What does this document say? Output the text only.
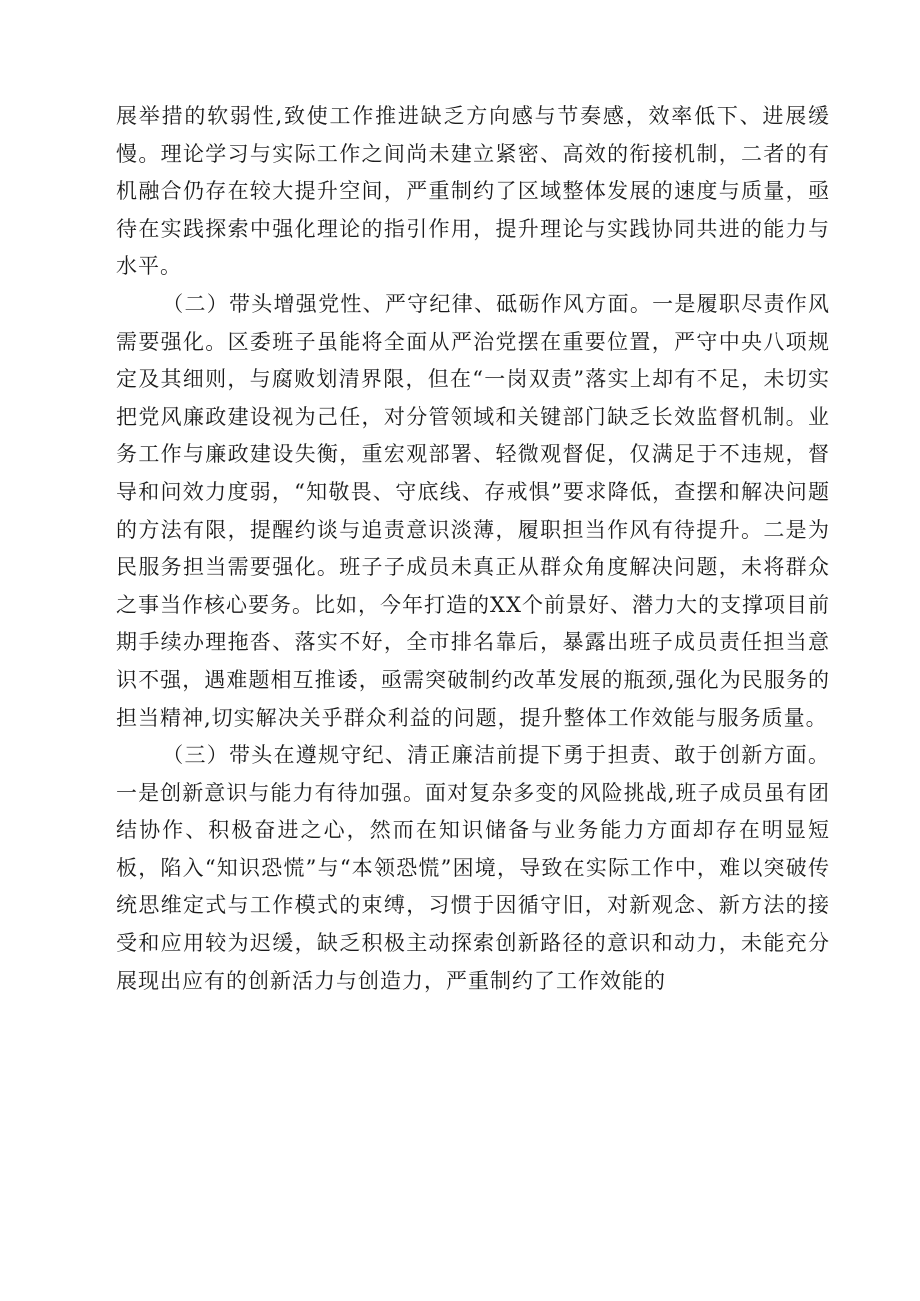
展举措的软弱性,致使工作推进缺乏方向感与节奏感，效率低下、进展缓慢。理论学习与实际工作之间尚未建立紧密、高效的衔接机制，二者的有机融合仍存在较大提升空间，严重制约了区域整体发展的速度与质量，亟待在实践探索中强化理论的指引作用，提升理论与实践协同共进的能力与水平。

（二）带头增强党性、严守纪律、砥砺作风方面。一是履职尽责作风需要强化。区委班子虽能将全面从严治党摆在重要位置，严守中央八项规定及其细则，与腐败划清界限，但在“一岗双责”落实上却有不足，未切实把党风廉政建设视为己任，对分管领域和关键部门缺乏长效监督机制。业务工作与廉政建设失衡，重宏观部署、轻微观督促，仅满足于不违规，督导和问效力度弱，“知敬畏、守底线、存戒惧”要求降低，查摆和解决问题的方法有限，提醒约谈与追责意识淡薄，履职担当作风有待提升。二是为民服务担当需要强化。班子子成员未真正从群众角度解决问题，未将群众之事当作核心要务。比如，今年打造的XX个前景好、潜力大的支撑项目前期手续办理拖沓、落实不好，全市排名靠后，暴露出班子成员责任担当意识不强，遇难题相互推诿，亟需突破制约改革发展的瓶颈,强化为民服务的担当精神,切实解决关乎群众利益的问题，提升整体工作效能与服务质量。

（三）带头在遵规守纪、清正廉洁前提下勇于担责、敢于创新方面。一是创新意识与能力有待加强。面对复杂多变的风险挑战,班子成员虽有团结协作、积极奋进之心，然而在知识储备与业务能力方面却存在明显短板，陷入“知识恐慌”与“本领恐慌”困境，导致在实际工作中，难以突破传统思维定式与工作模式的束缚，习惯于因循守旧，对新观念、新方法的接受和应用较为迟缓，缺乏积极主动探索创新路径的意识和动力，未能充分展现出应有的创新活力与创造力，严重制约了工作效能的
